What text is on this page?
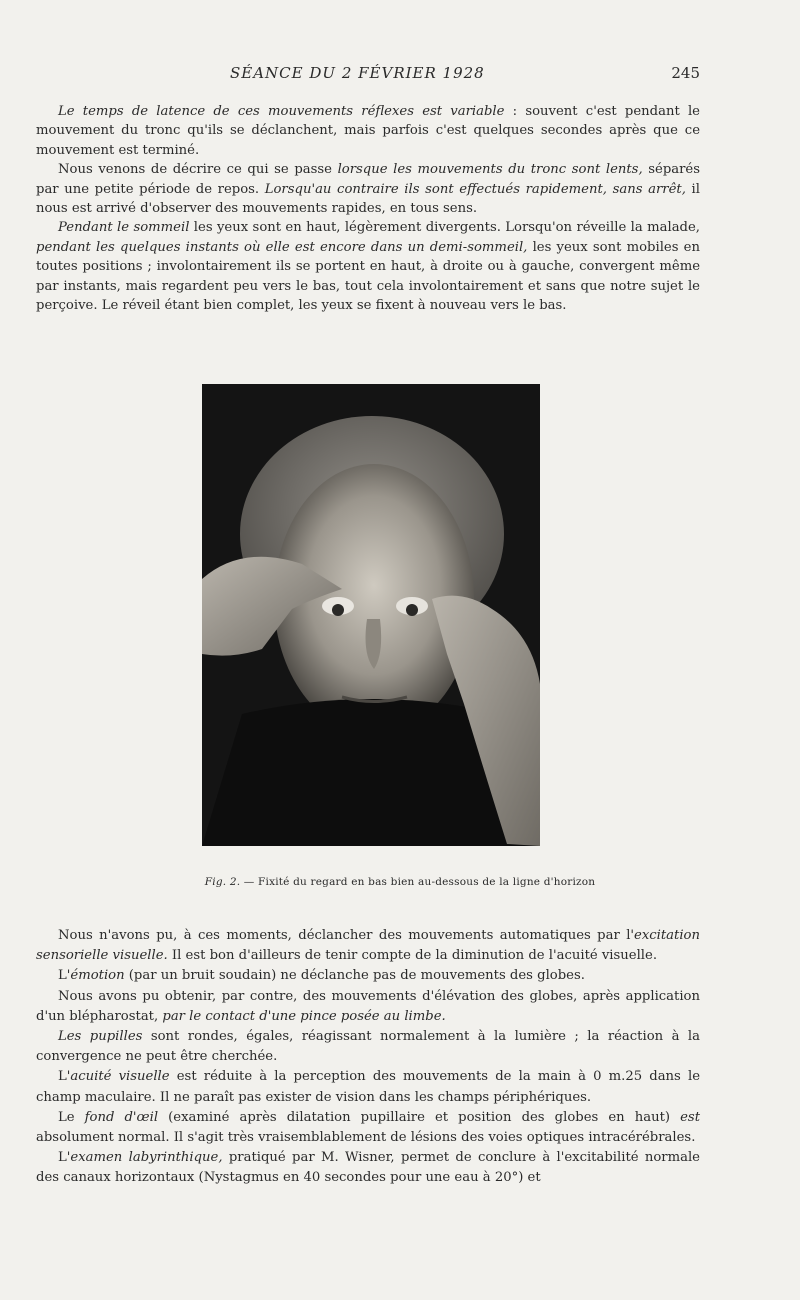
SÉANCE DU 2 FÉVRIER 1928	245

Le temps de latence de ces mouvements réflexes est variable : souvent c'est pendant le mouvement du tronc qu'ils se déclanchent, mais parfois c'est quelques secondes après que ce mouvement est terminé.

Nous venons de décrire ce qui se passe lorsque les mouvements du tronc sont lents, séparés par une petite période de repos. Lorsqu'au contraire ils sont effectués rapidement, sans arrêt, il nous est arrivé d'observer des mouvements rapides, en tous sens.

Pendant le sommeil les yeux sont en haut, légèrement divergents. Lorsqu'on réveille la malade, pendant les quelques instants où elle est encore dans un demi-sommeil, les yeux sont mobiles en toutes positions ; involontairement ils se portent en haut, à droite ou à gauche, convergent même par instants, mais regardent peu vers le bas, tout cela involontairement et sans que notre sujet le perçoive. Le réveil étant bien complet, les yeux se fixent à nouveau vers le bas.

Fig. 2. — Fixité du regard en bas bien au-dessous de la ligne d'horizon

Nous n'avons pu, à ces moments, déclancher des mouvements automatiques par l'excitation sensorielle visuelle. Il est bon d'ailleurs de tenir compte de la diminution de l'acuité visuelle.

L'émotion (par un bruit soudain) ne déclanche pas de mouvements des globes.

Nous avons pu obtenir, par contre, des mouvements d'élévation des globes, après application d'un blépharostat, par le contact d'une pince posée au limbe.

Les pupilles sont rondes, égales, réagissant normalement à la lumière ; la réaction à la convergence ne peut être cherchée.

L'acuité visuelle est réduite à la perception des mouvements de la main à 0 m.25 dans le champ maculaire. Il ne paraît pas exister de vision dans les champs périphériques.

Le fond d'œil (examiné après dilatation pupillaire et position des globes en haut) est absolument normal. Il s'agit très vraisemblablement de lésions des voies optiques intracérébrales.

L'examen labyrinthique, pratiqué par M. Wisner, permet de conclure à l'excitabilité normale des canaux horizontaux (Nystagmus en 40 secondes pour une eau à 20°) et
